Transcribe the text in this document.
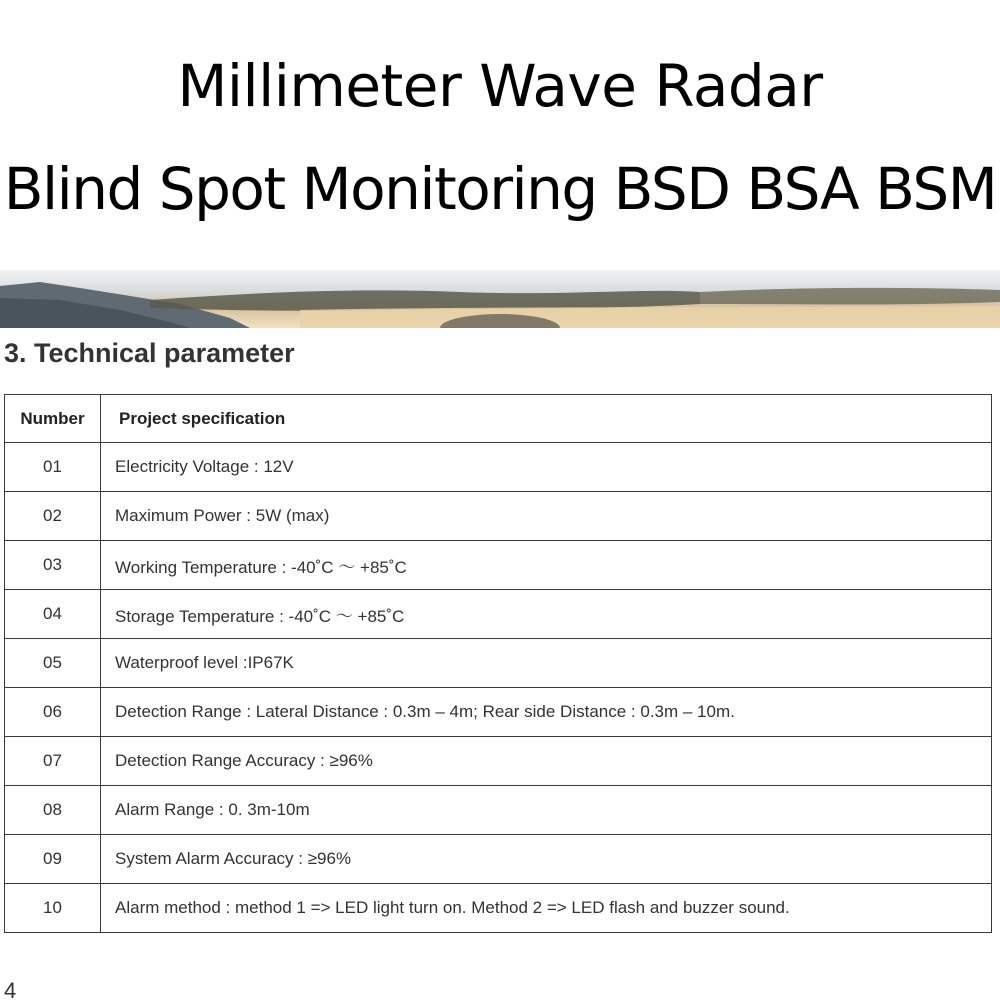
Millimeter Wave Radar
Blind Spot Monitoring BSD BSA BSM
3. Technical parameter
Number	Project specification
01	Electricity Voltage : 12V
02	Maximum Power : 5W (max)
03	Working Temperature : -40˚C ～ +85˚C
04	Storage Temperature : -40˚C ～ +85˚C
05	Waterproof level :IP67K
06	Detection Range : Lateral Distance : 0.3m – 4m; Rear side Distance : 0.3m – 10m.
07	Detection Range Accuracy : ≥96%
08	Alarm Range : 0. 3m-10m
09	System Alarm Accuracy : ≥96%
10	Alarm method : method 1 => LED light turn on. Method 2 => LED flash and buzzer sound.
4
